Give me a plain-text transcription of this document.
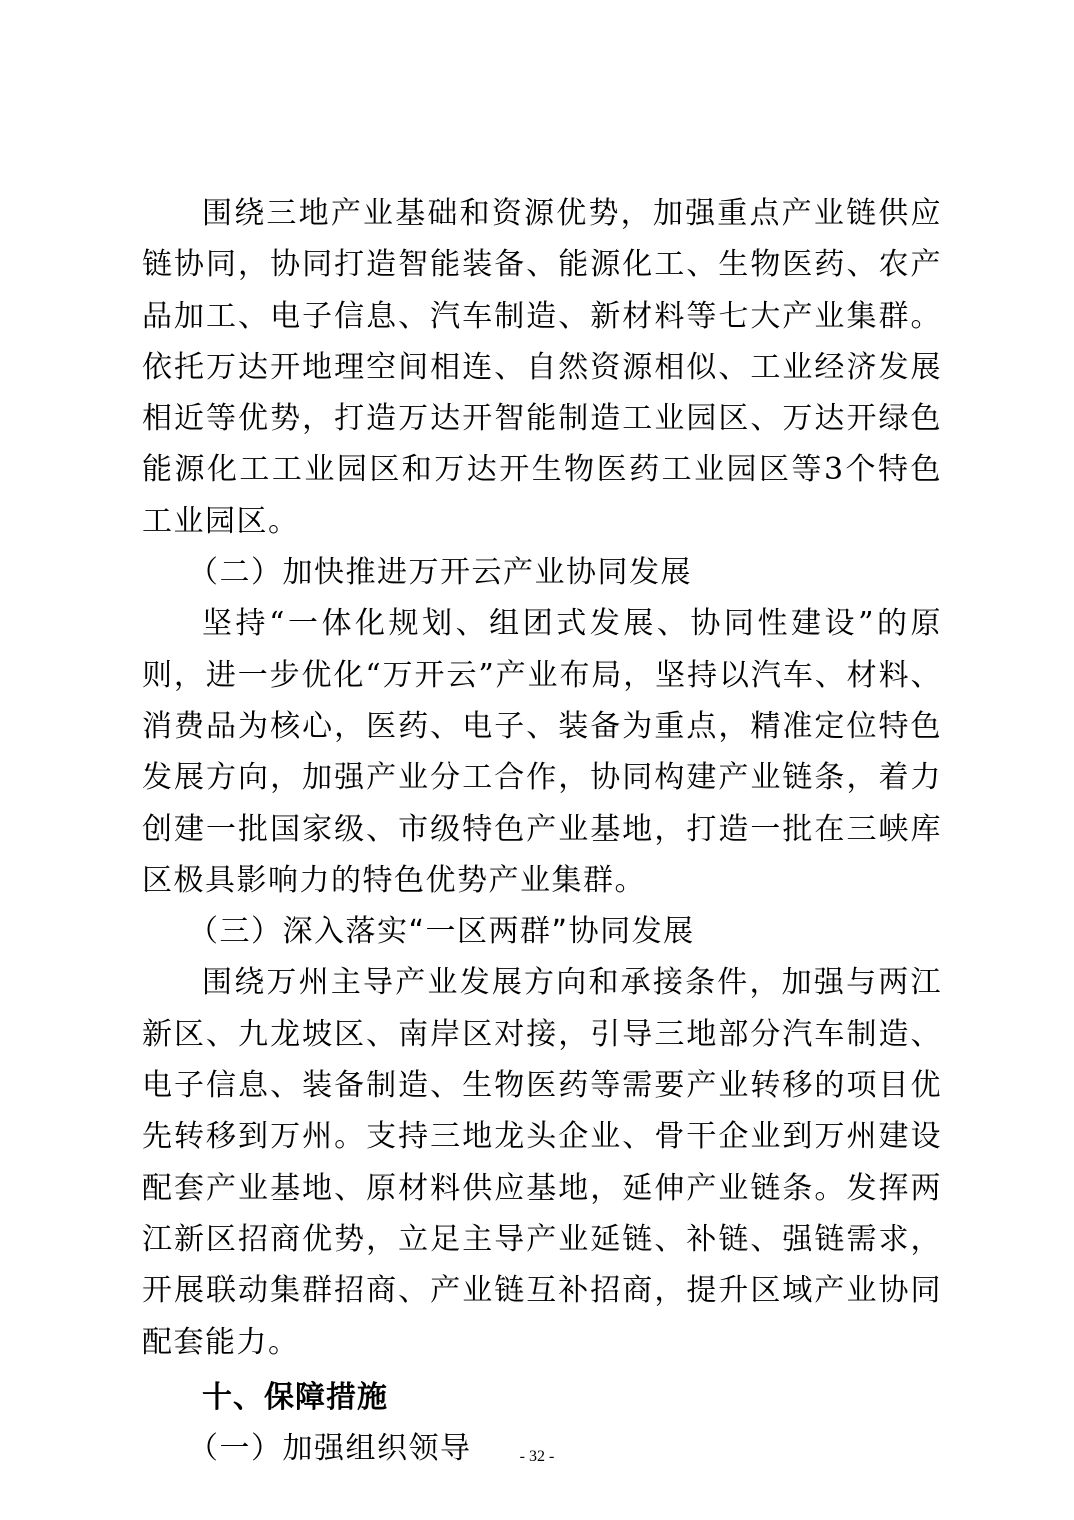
围绕三地产业基础和资源优势，加强重点产业链供应链协同，协同打造智能装备、能源化工、生物医药、农产品加工、电子信息、汽车制造、新材料等七大产业集群。依托万达开地理空间相连、自然资源相似、工业经济发展相近等优势，打造万达开智能制造工业园区、万达开绿色能源化工工业园区和万达开生物医药工业园区等3个特色工业园区。

（二）加快推进万开云产业协同发展

坚持“一体化规划、组团式发展、协同性建设”的原则，进一步优化“万开云”产业布局，坚持以汽车、材料、消费品为核心，医药、电子、装备为重点，精准定位特色发展方向，加强产业分工合作，协同构建产业链条，着力创建一批国家级、市级特色产业基地，打造一批在三峡库区极具影响力的特色优势产业集群。

（三）深入落实“一区两群”协同发展

围绕万州主导产业发展方向和承接条件，加强与两江新区、九龙坡区、南岸区对接，引导三地部分汽车制造、电子信息、装备制造、生物医药等需要产业转移的项目优先转移到万州。支持三地龙头企业、骨干企业到万州建设配套产业基地、原材料供应基地，延伸产业链条。发挥两江新区招商优势，立足主导产业延链、补链、强链需求，开展联动集群招商、产业链互补招商，提升区域产业协同配套能力。

十、保障措施

（一）加强组织领导	- 32 -
